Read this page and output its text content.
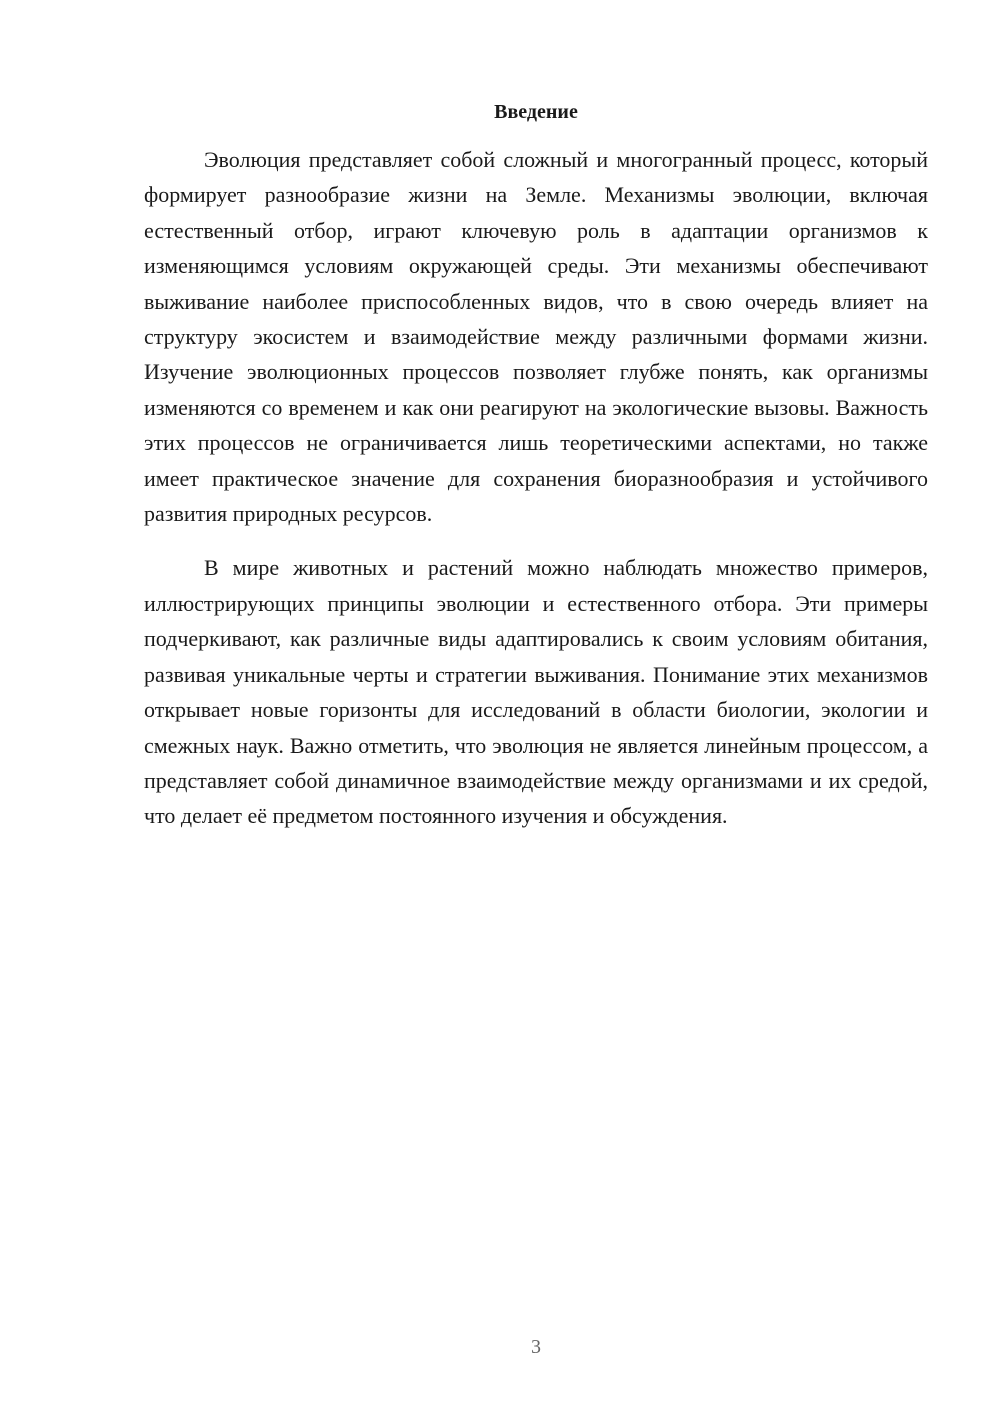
Введение

Эволюция представляет собой сложный и многогранный процесс, который формирует разнообразие жизни на Земле. Механизмы эволюции, включая естественный отбор, играют ключевую роль в адаптации организмов к изменяющимся условиям окружающей среды. Эти механизмы обеспечивают выживание наиболее приспособленных видов, что в свою очередь влияет на структуру экосистем и взаимодействие между различными формами жизни. Изучение эволюционных процессов позволяет глубже понять, как организмы изменяются со временем и как они реагируют на экологические вызовы. Важность этих процессов не ограничивается лишь теоретическими аспектами, но также имеет практическое значение для сохранения биоразнообразия и устойчивого развития природных ресурсов.

В мире животных и растений можно наблюдать множество примеров, иллюстрирующих принципы эволюции и естественного отбора. Эти примеры подчеркивают, как различные виды адаптировались к своим условиям обитания, развивая уникальные черты и стратегии выживания. Понимание этих механизмов открывает новые горизонты для исследований в области биологии, экологии и смежных наук. Важно отметить, что эволюция не является линейным процессом, а представляет собой динамичное взаимодействие между организмами и их средой, что делает её предметом постоянного изучения и обсуждения.

3
